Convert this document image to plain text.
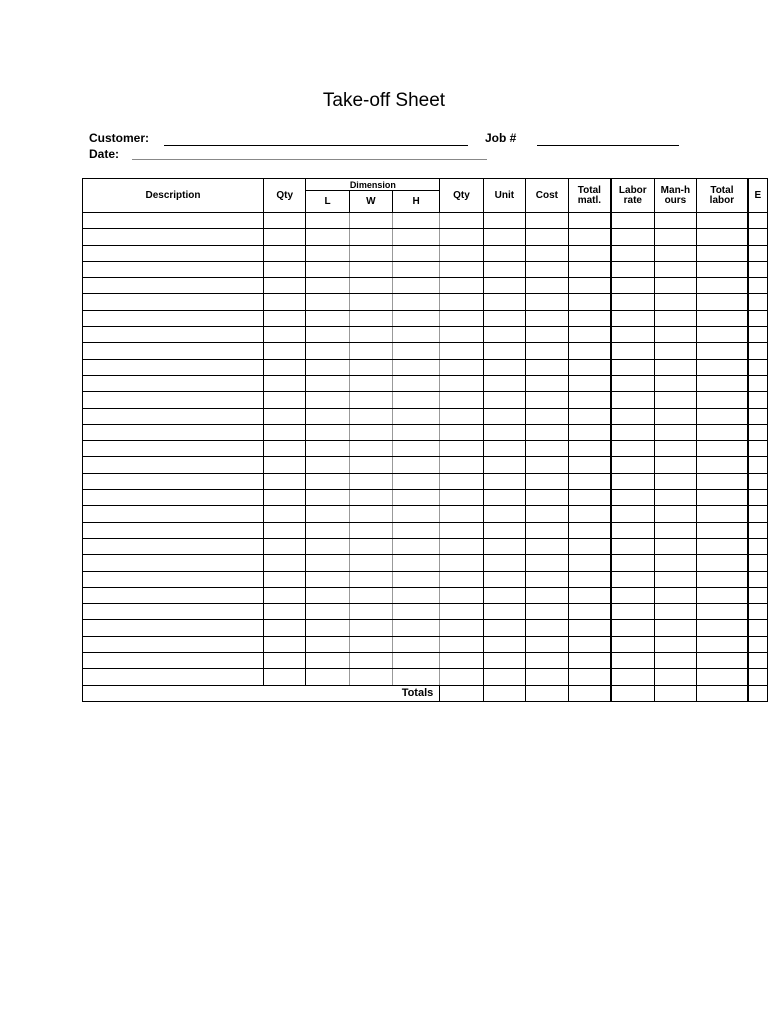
Take-off Sheet
Customer:	Job #
Date:
Description	Qty	Dimension			Qty	Unit	Cost	Total matl.	Labor rate	Man-h ours	Total labor	E
		L	W	H								

Totals												
